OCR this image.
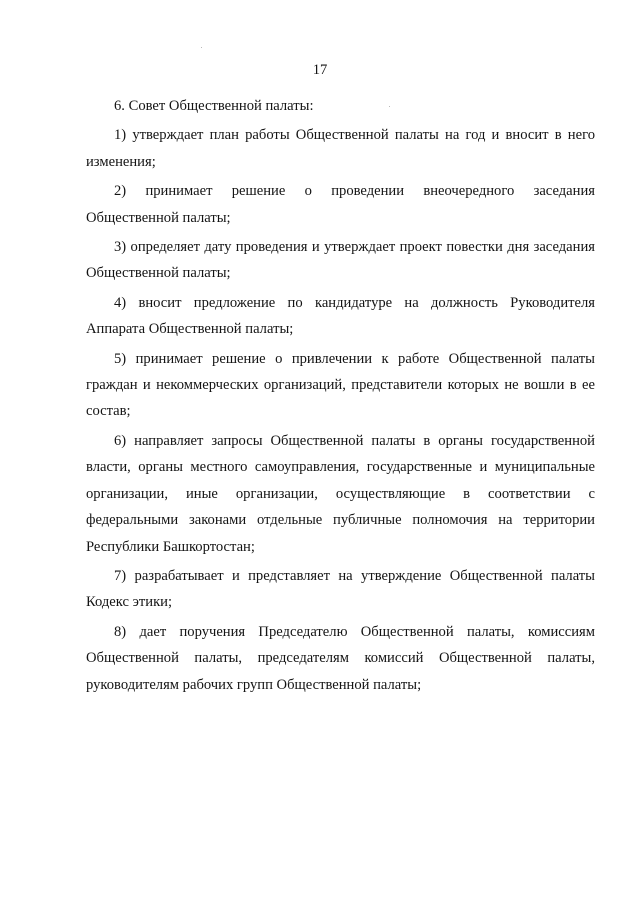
17

6. Совет Общественной палаты:

1) утверждает план работы Общественной палаты на год и вносит в него изменения;

2) принимает решение о проведении внеочередного заседания Общественной палаты;

3) определяет дату проведения и утверждает проект повестки дня заседания Общественной палаты;

4) вносит предложение по кандидатуре на должность Руководителя Аппарата Общественной палаты;

5) принимает решение о привлечении к работе Общественной палаты граждан и некоммерческих организаций, представители которых не вошли в ее состав;

6) направляет запросы Общественной палаты в органы государственной власти, органы местного самоуправления, государственные и муниципальные организации, иные организации, осуществляющие в соответствии с федеральными законами отдельные публичные полномочия на территории Республики Башкортостан;

7) разрабатывает и представляет на утверждение Общественной палаты Кодекс этики;

8) дает поручения Председателю Общественной палаты, комиссиям Общественной палаты, председателям комиссий Общественной палаты, руководителям рабочих групп Общественной палаты;
